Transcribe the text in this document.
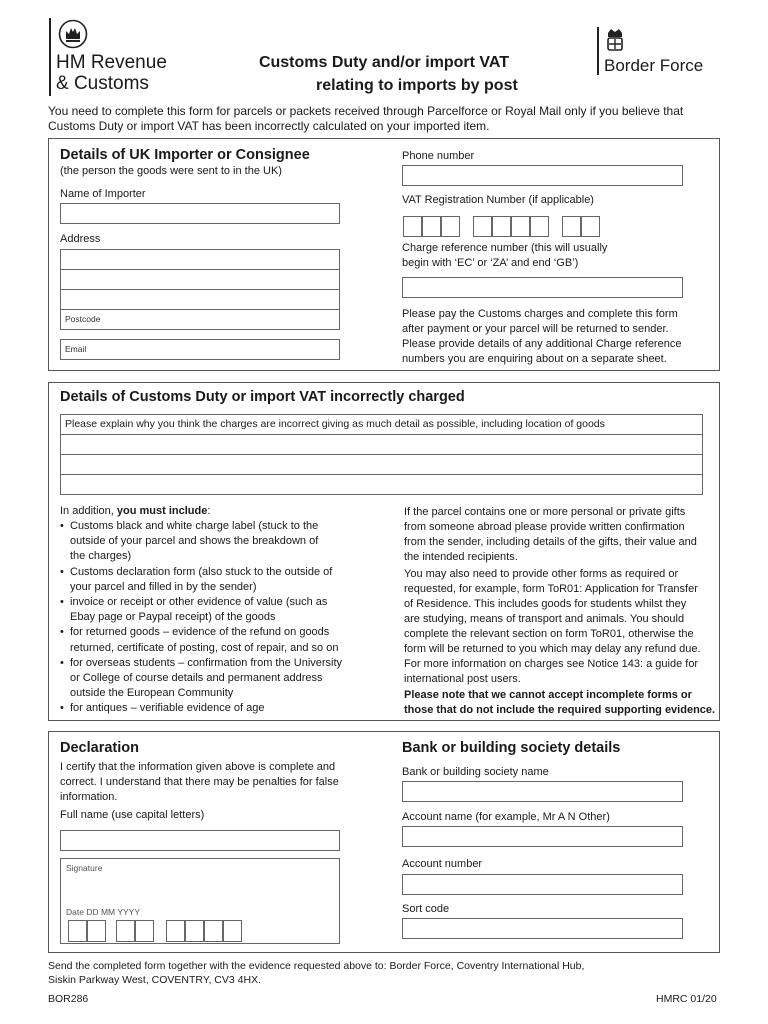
HM Revenue
& Customs
Customs Duty and/or import VAT
relating to imports by post
Border Force
You need to complete this form for parcels or packets received through Parcelforce or Royal Mail only if you believe that
Customs Duty or import VAT has been incorrectly calculated on your imported item.
Details of UK Importer or Consignee
(the person the goods were sent to in the UK)
Name of Importer
Address
Postcode
Email
Phone number
VAT Registration Number (if applicable)
Charge reference number (this will usually
begin with ‘EC’ or ‘ZA’ and end ‘GB’)
Please pay the Customs charges and complete this form
after payment or your parcel will be returned to sender.
Please provide details of any additional Charge reference
numbers you are enquiring about on a separate sheet.
Details of Customs Duty or import VAT incorrectly charged
Please explain why you think the charges are incorrect giving as much detail as possible, including location of goods
In addition, you must include:
• Customs black and white charge label (stuck to the
outside of your parcel and shows the breakdown of
the charges)
• Customs declaration form (also stuck to the outside of
your parcel and filled in by the sender)
• invoice or receipt or other evidence of value (such as
Ebay page or Paypal receipt) of the goods
• for returned goods – evidence of the refund on goods
returned, certificate of posting, cost of repair, and so on
• for overseas students – confirmation from the University
or College of course details and permanent address
outside the European Community
• for antiques – verifiable evidence of age
If the parcel contains one or more personal or private gifts
from someone abroad please provide written confirmation
from the sender, including details of the gifts, their value and
the intended recipients.
You may also need to provide other forms as required or
requested, for example, form ToR01: Application for Transfer
of Residence. This includes goods for students whilst they
are studying, means of transport and animals. You should
complete the relevant section on form ToR01, otherwise the
form will be returned to you which may delay any refund due.
For more information on charges see Notice 143: a guide for
international post users.
Please note that we cannot accept incomplete forms or
those that do not include the required supporting evidence.
Declaration
I certify that the information given above is complete and
correct. I understand that there may be penalties for false
information.
Full name (use capital letters)
Signature
Date DD MM YYYY
Bank or building society details
Bank or building society name
Account name (for example, Mr A N Other)
Account number
Sort code
Send the completed form together with the evidence requested above to: Border Force, Coventry International Hub,
Siskin Parkway West, COVENTRY, CV3 4HX.
BOR286	HMRC 01/20
